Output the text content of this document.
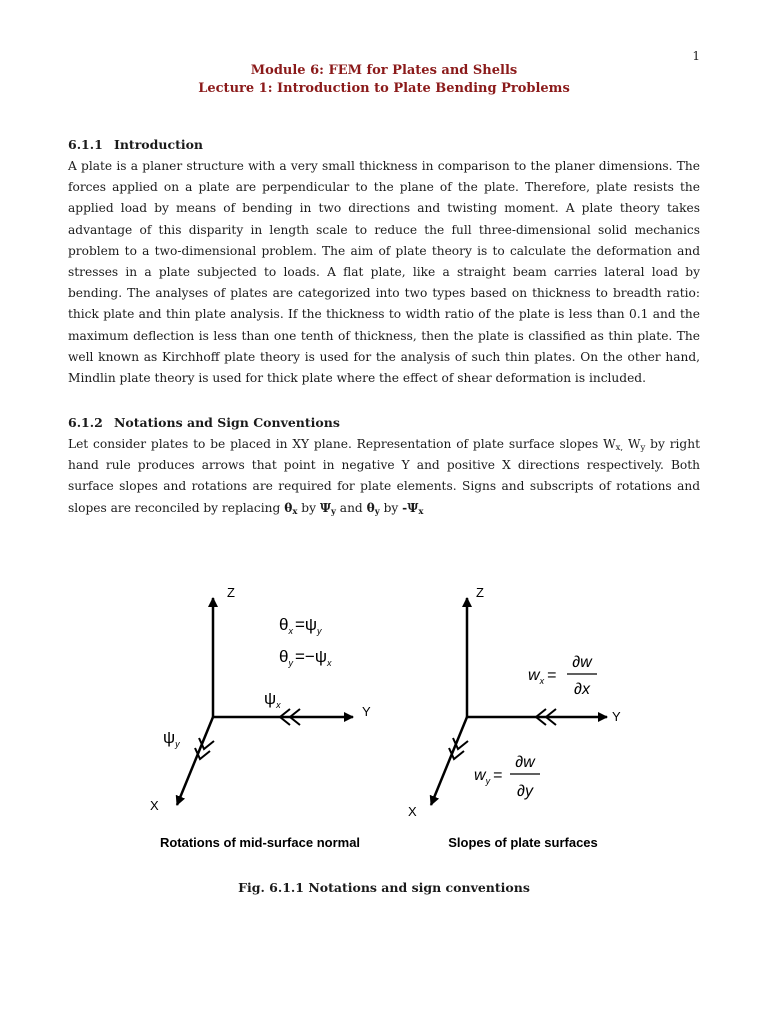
1
Module 6: FEM for Plates and Shells
Lecture 1: Introduction to Plate Bending Problems
6.1.1 Introduction

A plate is a planer structure with a very small thickness in comparison to the planer dimensions. The forces applied on a plate are perpendicular to the plane of the plate. Therefore, plate resists the applied load by means of bending in two directions and twisting moment. A plate theory takes advantage of this disparity in length scale to reduce the full three-dimensional solid mechanics problem to a two-dimensional problem. The aim of plate theory is to calculate the deformation and stresses in a plate subjected to loads. A flat plate, like a straight beam carries lateral load by bending. The analyses of plates are categorized into two types based on thickness to breadth ratio: thick plate and thin plate analysis. If the thickness to width ratio of the plate is less than 0.1 and the maximum deflection is less than one tenth of thickness, then the plate is classified as thin plate. The well known as Kirchhoff plate theory is used for the analysis of such thin plates. On the other hand, Mindlin plate theory is used for thick plate where the effect of shear deformation is included.

6.1.2 Notations and Sign Conventions

Let consider plates to be placed in XY plane. Representation of plate surface slopes $W_{x,}$ $W_y$ by right hand rule produces arrows that point in negative Y and positive X directions respectively. Both surface slopes and rotations are required for plate elements. Signs and subscripts of rotations and slopes are reconciled by replacing $\theta_x$ by $\Psi_y$ and $\theta_y$ by $-\Psi_x$

Z
Y
X
$\psi_x$
$\psi_y$
$\theta_x =\psi_y$
$\theta_y =-\psi_x$
Rotations of mid-surface normal
Z
Y
X
$w_x$ =
∂w
∂x
$w_y$ =
∂w
∂y
Slopes of plate surfaces
Fig. 6.1.1 Notations and sign conventions
